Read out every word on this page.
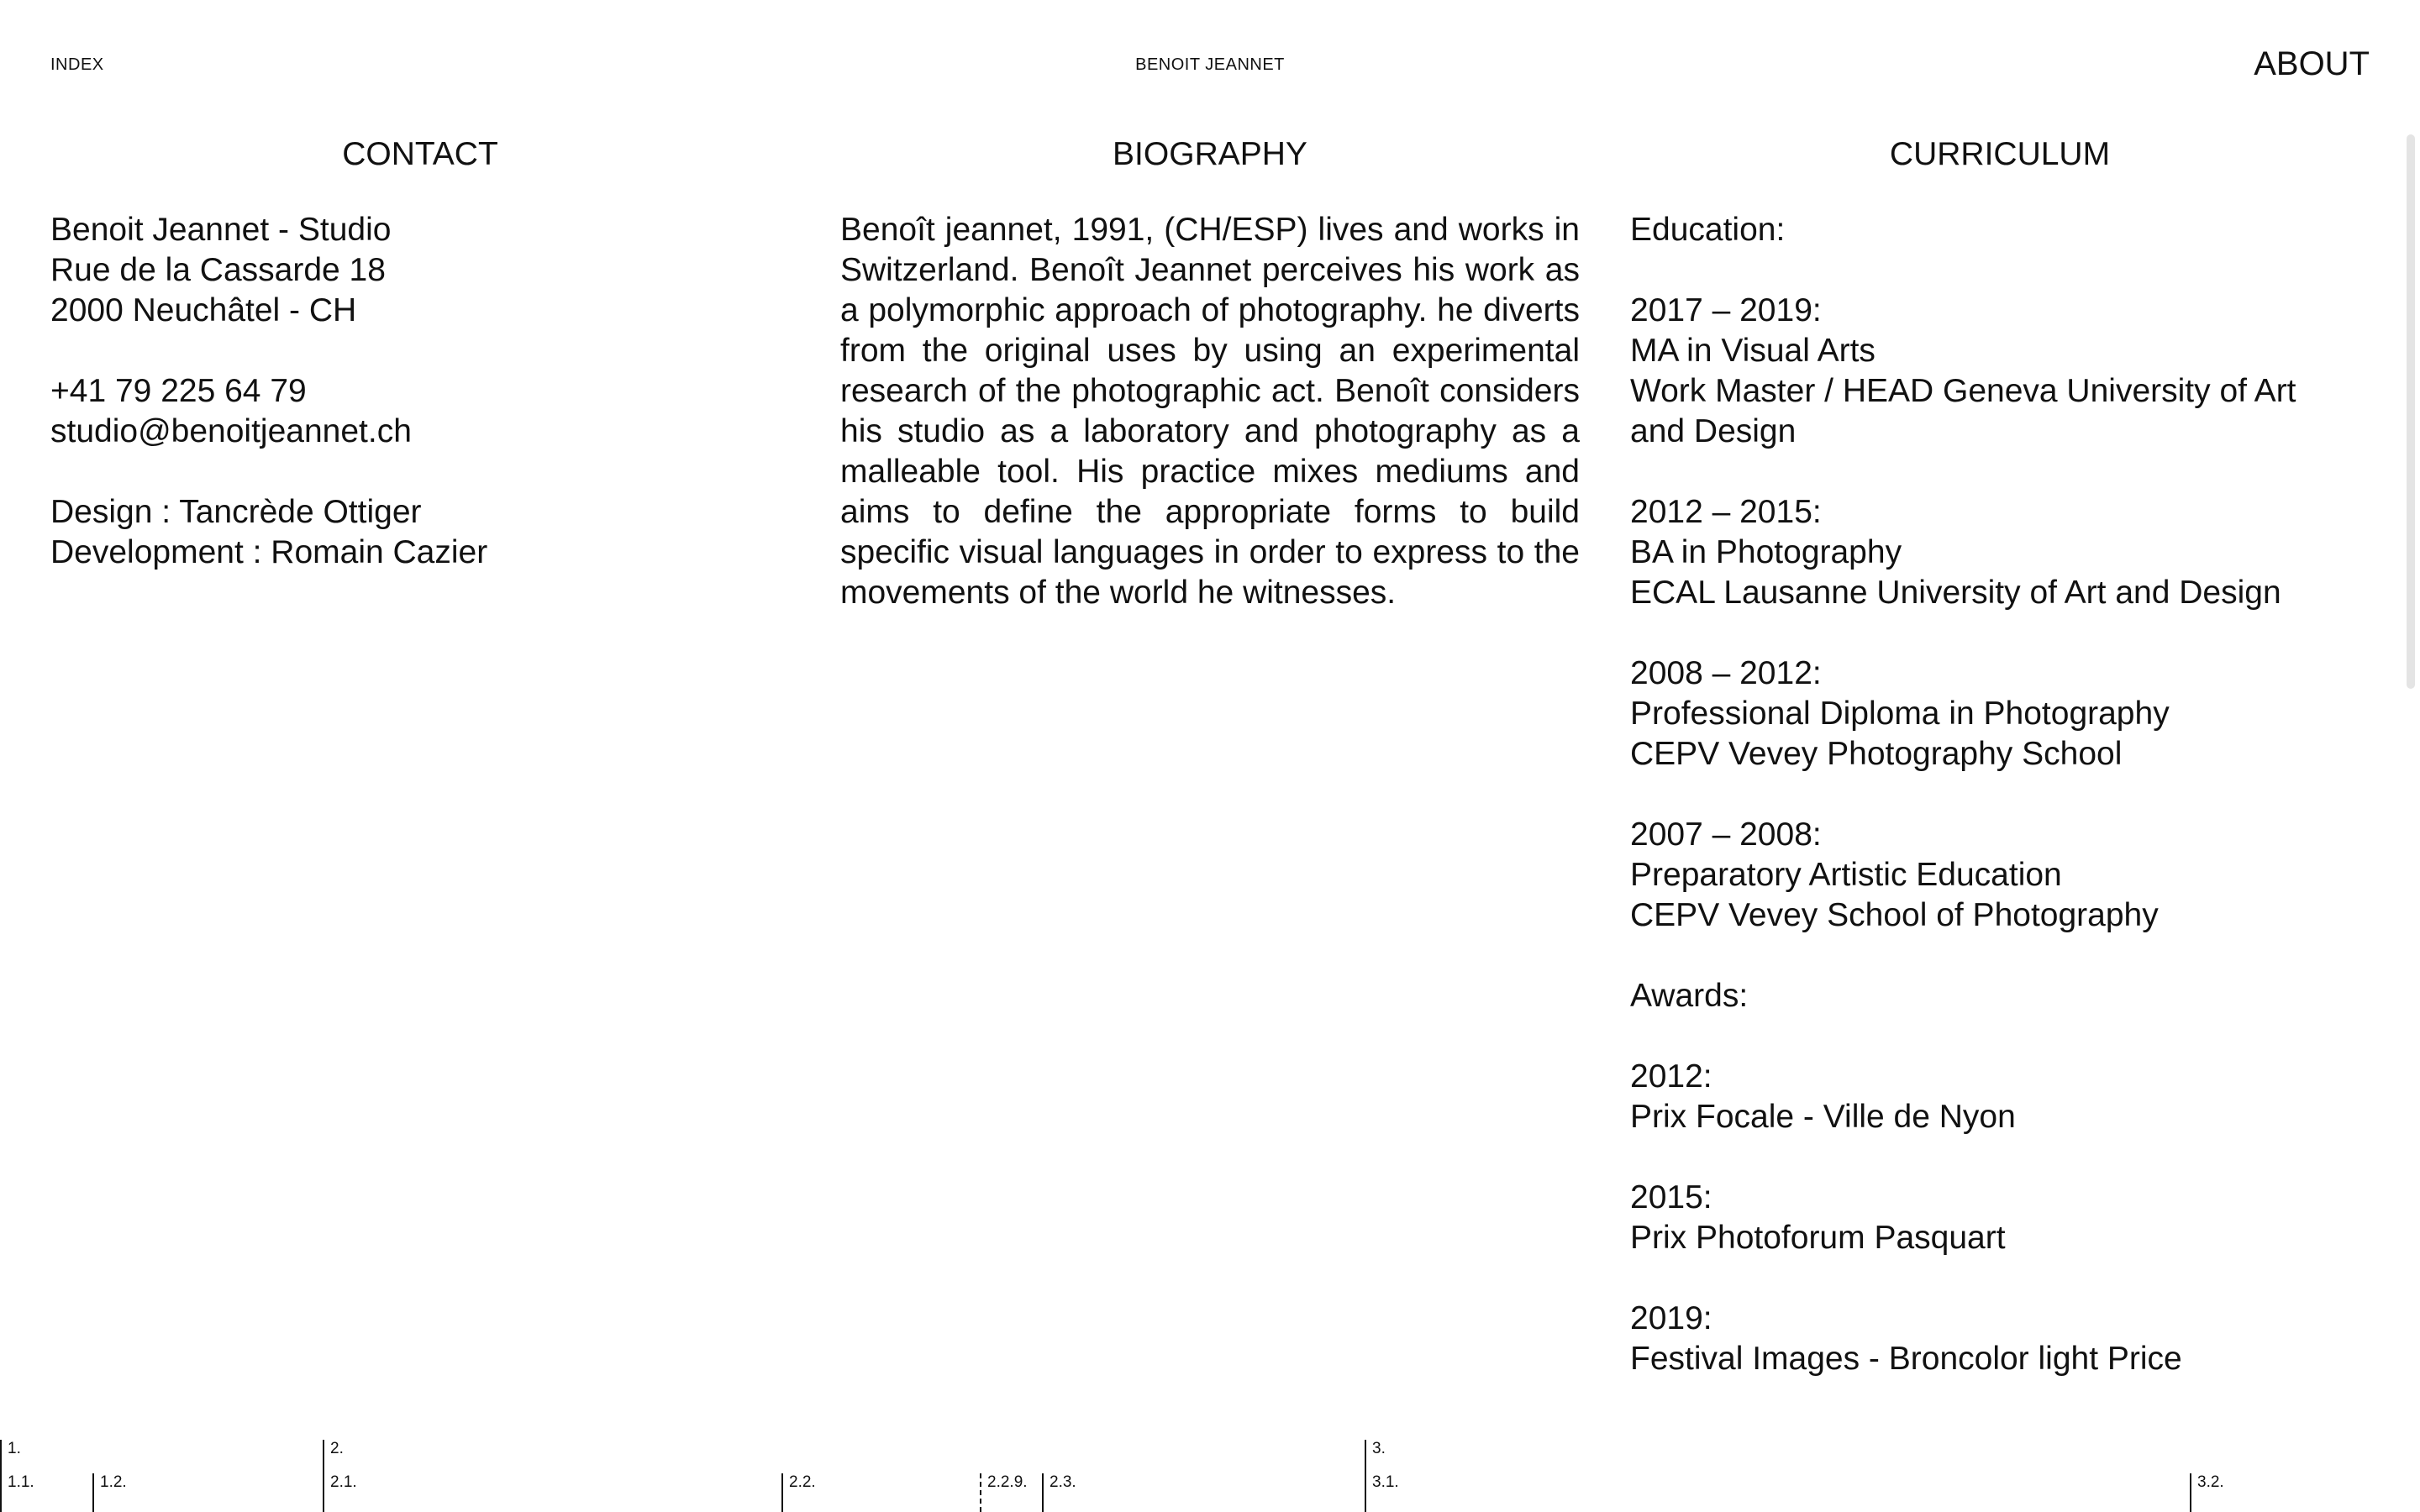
INDEX	BENOIT JEANNET	ABOUT
CONTACT
Benoit Jeannet - Studio
Rue de la Cassarde 18
2000 Neuchâtel - CH
+41 79 225 64 79
studio@benoitjeannet.ch
Design : Tancrède Ottiger
Development : Romain Cazier
BIOGRAPHY

Benoît jeannet, 1991, (CH/ESP) lives and works in Switzerland. Benoît Jeannet perceives his work as a polymorphic approach of photography. he diverts from the original uses by using an experimental research of the photographic act. Benoît considers his studio as a laboratory and photography as a malleable tool. His practice mixes mediums and aims to define the appropriate forms to build specific visual languages in order to express to the movements of the world he witnesses.

CURRICULUM
Education:
2017 – 2019:
MA in Visual Arts
Work Master / HEAD Geneva University of Art
and Design
2012 – 2015:
BA in Photography
ECAL Lausanne University of Art and Design
2008 – 2012:
Professional Diploma in Photography
CEPV Vevey Photography School
2007 – 2008:
Preparatory Artistic Education
CEPV Vevey School of Photography
Awards:
2012:
Prix Focale - Ville de Nyon
2015:
Prix Photoforum Pasquart
2019:
Festival Images - Broncolor light Price
1.	2.	3.
1.1.	1.2.	2.1.	2.2.	2.2.9.	2.3.	3.1.	3.2.
